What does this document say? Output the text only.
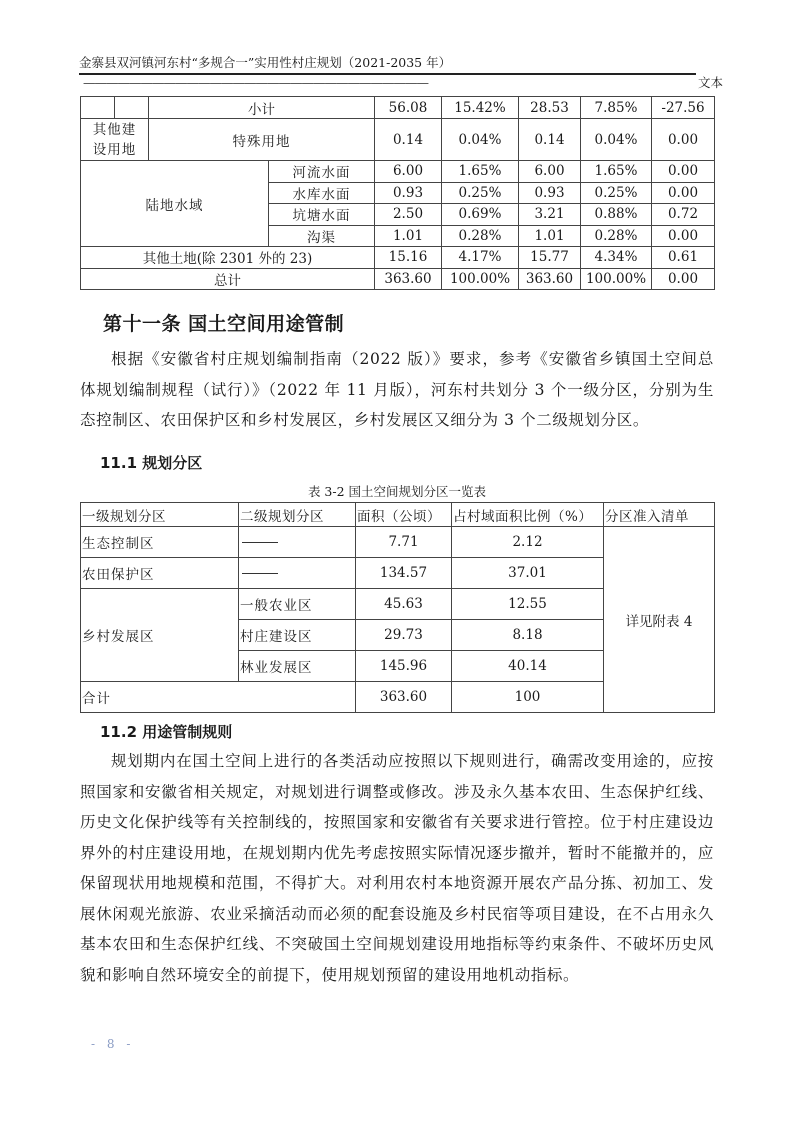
金寨县双河镇河东村“多规合一”实用性村庄规划（2021-2035 年）
——————————————————————————————	文本
		小计		56.08	15.42%	28.53	7.85%	-27.56
其他建设用地		特殊用地		0.14	0.04%	0.14	0.04%	0.00
陆地水域			河流水面	6.00	1.65%	6.00	1.65%	0.00
			水库水面	0.93	0.25%	0.93	0.25%	0.00
			坑塘水面	2.50	0.69%	3.21	0.88%	0.72
			沟渠	1.01	0.28%	1.01	0.28%	0.00
其他土地(除 2301 外的 23)				15.16	4.17%	15.77	4.34%	0.61
总计				363.60	100.00%	363.60	100.00%	0.00
第十一条 国土空间用途管制
根据《安徽省村庄规划编制指南（2022 版）》要求，参考《安徽省乡镇国土空间总体规划编制规程（试行）》（2022 年 11 月版），河东村共划分 3 个一级分区，分别为生态控制区、农田保护区和乡村发展区，乡村发展区又细分为 3 个二级规划分区。
11.1 规划分区
表 3-2 国土空间规划分区一览表
一级规划分区	二级规划分区	面积（公顷）	占村域面积比例（%）	分区准入清单
生态控制区		7.71	2.12	详见附表 4
农田保护区		134.57	37.01	
乡村发展区	一般农业区	45.63	12.55	
	村庄建设区	29.73	8.18	
	林业发展区	145.96	40.14	
合计		363.60	100	
11.2 用途管制规则
规划期内在国土空间上进行的各类活动应按照以下规则进行，确需改变用途的，应按照国家和安徽省相关规定，对规划进行调整或修改。涉及永久基本农田、生态保护红线、历史文化保护线等有关控制线的，按照国家和安徽省有关要求进行管控。位于村庄建设边界外的村庄建设用地，在规划期内优先考虑按照实际情况逐步撤并，暂时不能撤并的，应保留现状用地规模和范围，不得扩大。对利用农村本地资源开展农产品分拣、初加工、发展休闲观光旅游、农业采摘活动而必须的配套设施及乡村民宿等项目建设，在不占用永久基本农田和生态保护红线、不突破国土空间规划建设用地指标等约束条件、不破坏历史风貌和影响自然环境安全的前提下，使用规划预留的建设用地机动指标。
- 8 -
